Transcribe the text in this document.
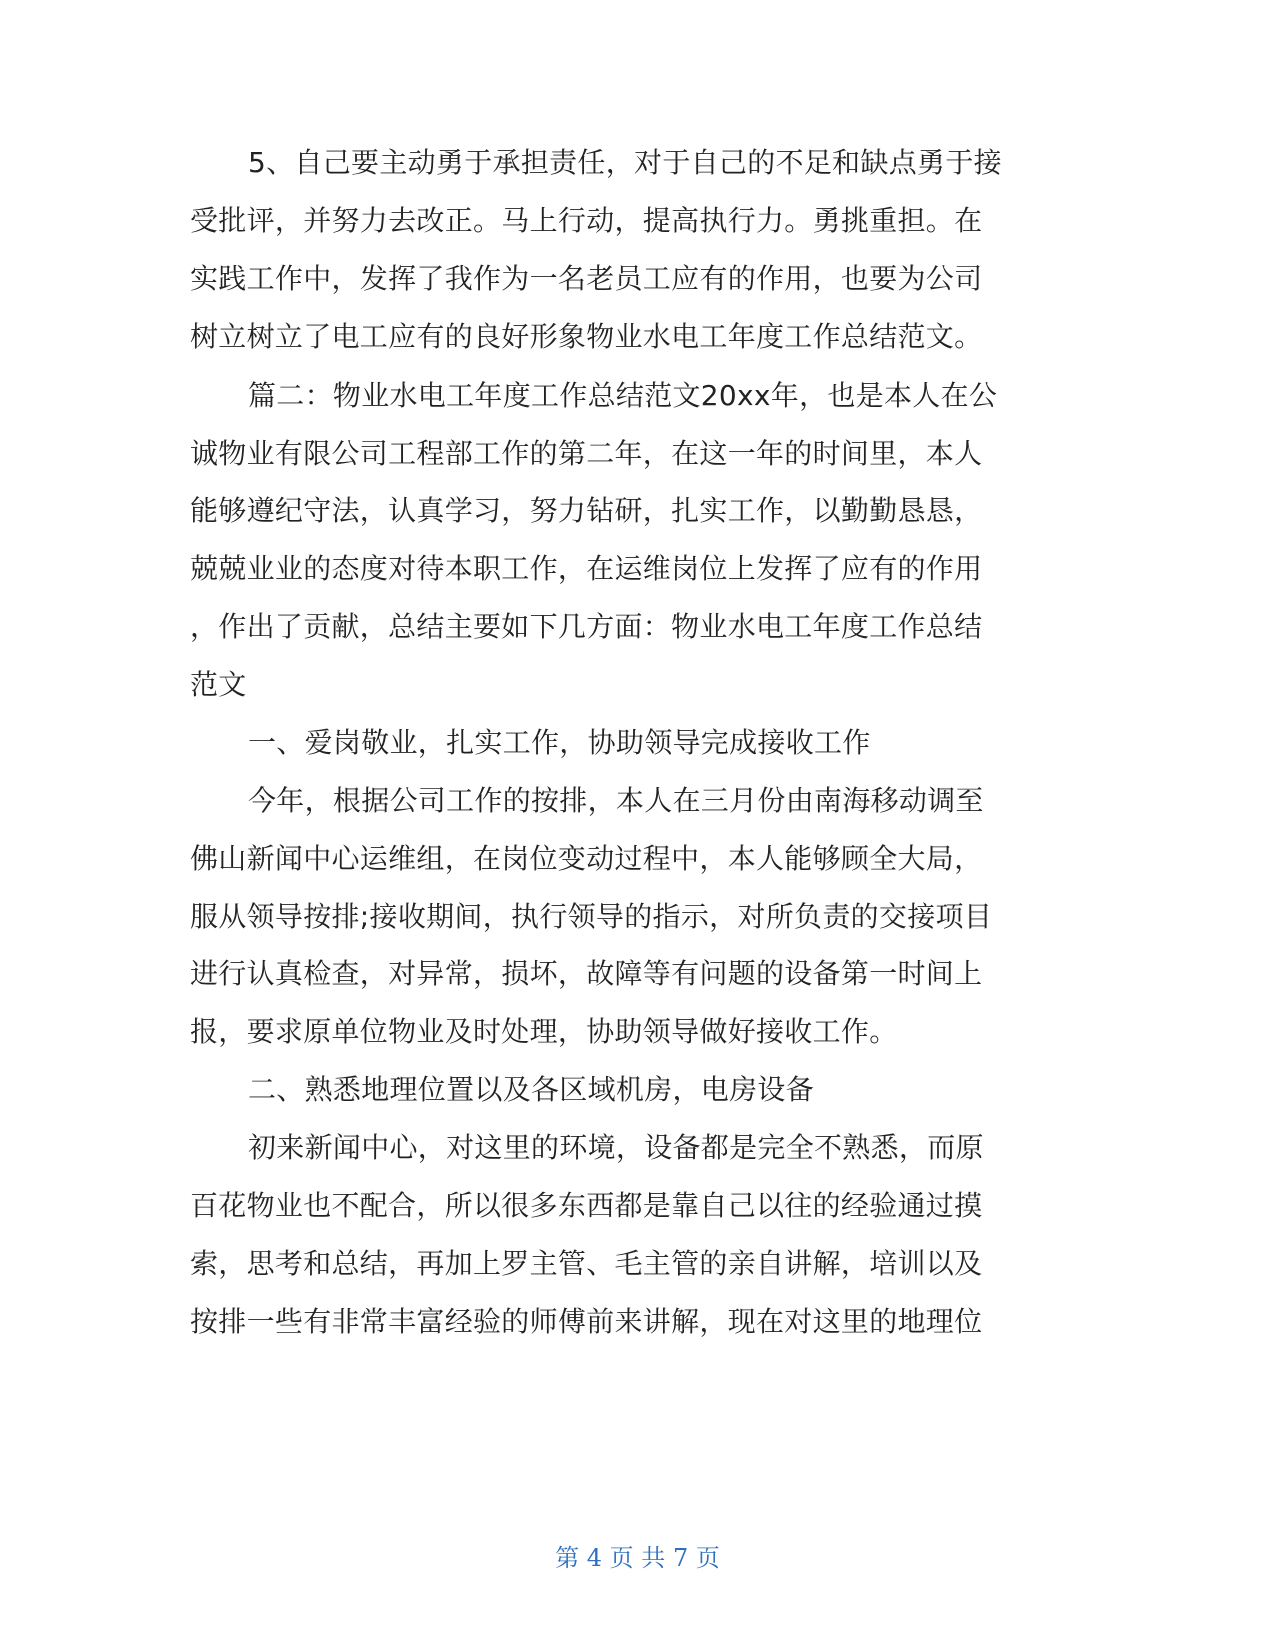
5、自己要主动勇于承担责任，对于自己的不足和缺点勇于接
受批评，并努力去改正。马上行动，提高执行力。勇挑重担。在
实践工作中，发挥了我作为一名老员工应有的作用，也要为公司
树立树立了电工应有的良好形象物业水电工年度工作总结范文。
篇二：物业水电工年度工作总结范文20xx年，也是本人在公
诚物业有限公司工程部工作的第二年，在这一年的时间里，本人
能够遵纪守法，认真学习，努力钻研，扎实工作，以勤勤恳恳，
兢兢业业的态度对待本职工作，在运维岗位上发挥了应有的作用
，作出了贡献，总结主要如下几方面：物业水电工年度工作总结
范文
一、爱岗敬业，扎实工作，协助领导完成接收工作
今年，根据公司工作的按排，本人在三月份由南海移动调至
佛山新闻中心运维组，在岗位变动过程中，本人能够顾全大局，
服从领导按排;接收期间，执行领导的指示，对所负责的交接项目
进行认真检查，对异常，损坏，故障等有问题的设备第一时间上
报，要求原单位物业及时处理，协助领导做好接收工作。
二、熟悉地理位置以及各区域机房，电房设备
初来新闻中心，对这里的环境，设备都是完全不熟悉，而原
百花物业也不配合，所以很多东西都是靠自己以往的经验通过摸
索，思考和总结，再加上罗主管、毛主管的亲自讲解，培训以及
按排一些有非常丰富经验的师傅前来讲解，现在对这里的地理位
第 4 页 共 7 页
